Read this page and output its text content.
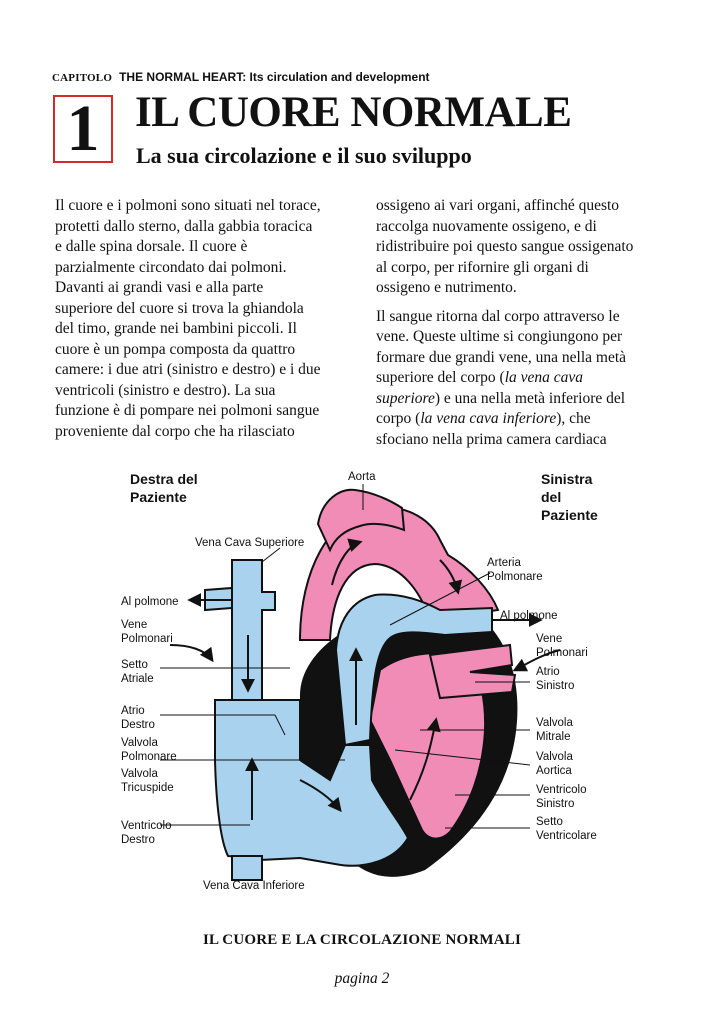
CAPITOLO THE NORMAL HEART: Its circulation and development
1 IL CUORE NORMALE
La sua circolazione e il suo sviluppo

Il cuore e i polmoni sono situati nel torace,
protetti dallo sterno, dalla gabbia toracica
e dalle spina dorsale. Il cuore è
parzialmente circondato dai polmoni.
Davanti ai grandi vasi e alla parte
superiore del cuore si trova la ghiandola
del timo, grande nei bambini piccoli. Il
cuore è un pompa composta da quattro
camere: i due atri (sinistro e destro) e i due
ventricoli (sinistro e destro). La sua
funzione è di pompare nei polmoni sangue
proveniente dal corpo che ha rilasciato

ossigeno ai vari organi, affinché questo
raccolga nuovamente ossigeno, e di
ridistribuire poi questo sangue ossigenato
al corpo, per rifornire gli organi di
ossigeno e nutrimento.

Il sangue ritorna dal corpo attraverso le
vene. Queste ultime si congiungono per
formare due grandi vene, una nella metà
superiore del corpo (la vena cava
superiore) e una nella metà inferiore del
corpo (la vena cava inferiore), che
sfociano nella prima camera cardiaca

Destra del
Paziente
Sinistra
del
Paziente
Aorta
Vena Cava Superiore
Arteria
Polmonare
Al polmone
Al polmone
Vene
Polmonari	Vene
Polmonari
Setto
Atriale
Atrio
Sinistro
Atrio
Destro	Valvola
Mitrale
Valvola
Polmonare	Valvola
Aortica
Valvola
Tricuspide	Ventricolo
Sinistro
Ventricolo
Destro
Setto
Ventricolare
Vena Cava Inferiore
IL CUORE E LA CIRCOLAZIONE NORMALI
pagina 2
